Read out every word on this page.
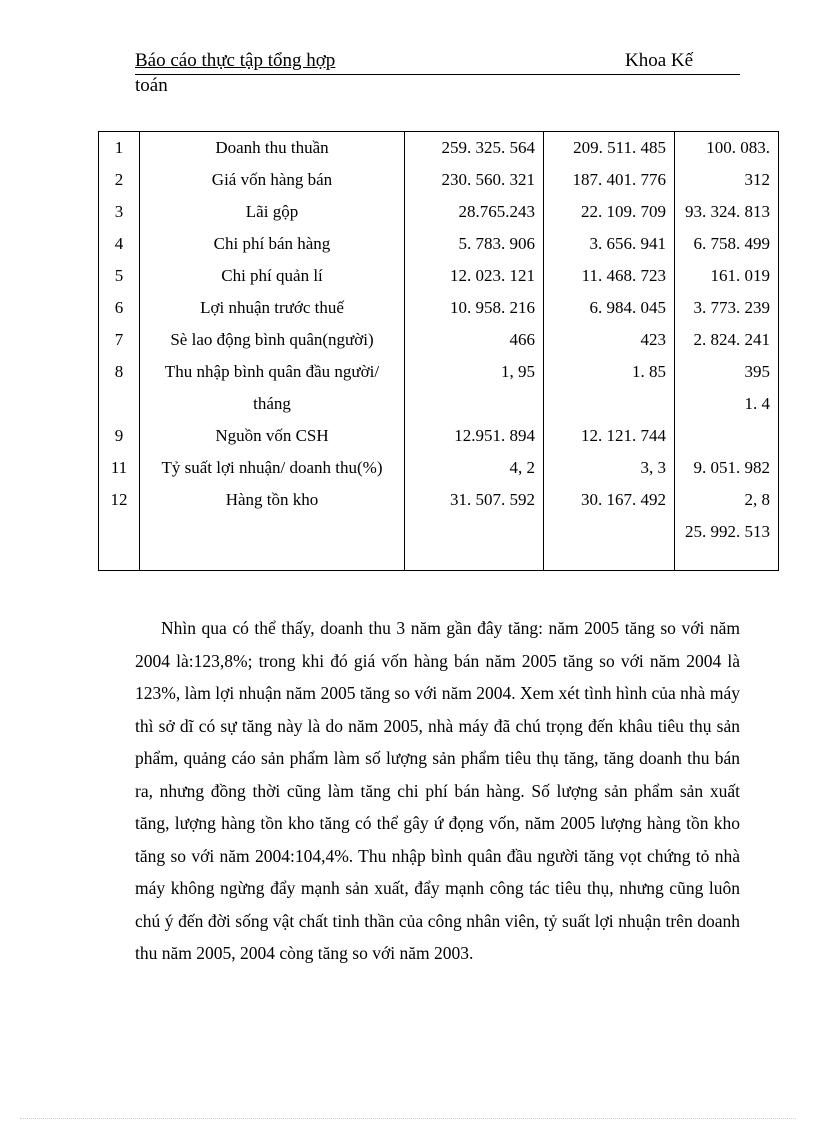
Báo cáo thực tập tổng hợp	Khoa Kế
toán
1	Doanh thu thuần	259. 325. 564	209. 511. 485	100. 083.
2	Giá vốn hàng bán	230. 560. 321	187. 401. 776	312
3	Lãi gộp	28.765.243	22. 109. 709	93. 324. 813
4	Chi phí bán hàng	5. 783. 906	3. 656. 941	6. 758. 499
5	Chi phí quản lí	12. 023. 121	11. 468. 723	161. 019
6	Lợi nhuận trước thuế	10. 958. 216	6. 984. 045	3. 773. 239
7	Sè lao động bình quân(người)	466	423	2. 824. 241
8	Thu nhập bình quân đầu người/	1, 95	1. 85	395
	tháng			1. 4
9	Nguồn vốn CSH	12.951. 894	12. 121. 744	
11	Tỷ suất lợi nhuận/ doanh thu(%)	4, 2	3, 3	9. 051. 982
12	Hàng tồn kho	31. 507. 592	30. 167. 492	2, 8
				25. 992. 513

Nhìn qua có thể thấy, doanh thu 3 năm gần đây tăng: năm 2005 tăng so với năm 2004 là:123,8%; trong khi đó giá vốn hàng bán năm 2005 tăng so với năm 2004 là 123%, làm lợi nhuận năm 2005 tăng so với năm 2004. Xem xét tình hình của nhà máy thì sở dĩ có sự tăng này là do năm 2005, nhà máy đã chú trọng đến khâu tiêu thụ sản phẩm, quảng cáo sản phẩm làm số lượng sản phẩm tiêu thụ tăng, tăng doanh thu bán ra, nhưng đồng thời cũng làm tăng chi phí bán hàng. Số lượng sản phẩm sản xuất tăng, lượng hàng tồn kho tăng có thể gây ứ đọng vốn, năm 2005 lượng hàng tồn kho tăng so với năm 2004:104,4%. Thu nhập bình quân đầu người tăng vọt chứng tỏ nhà máy không ngừng đẩy mạnh sản xuất, đẩy mạnh công tác tiêu thụ, nhưng cũng luôn chú ý đến đời sống vật chất tinh thần của công nhân viên, tỷ suất lợi nhuận trên doanh thu năm 2005, 2004 còng tăng so với năm 2003.
